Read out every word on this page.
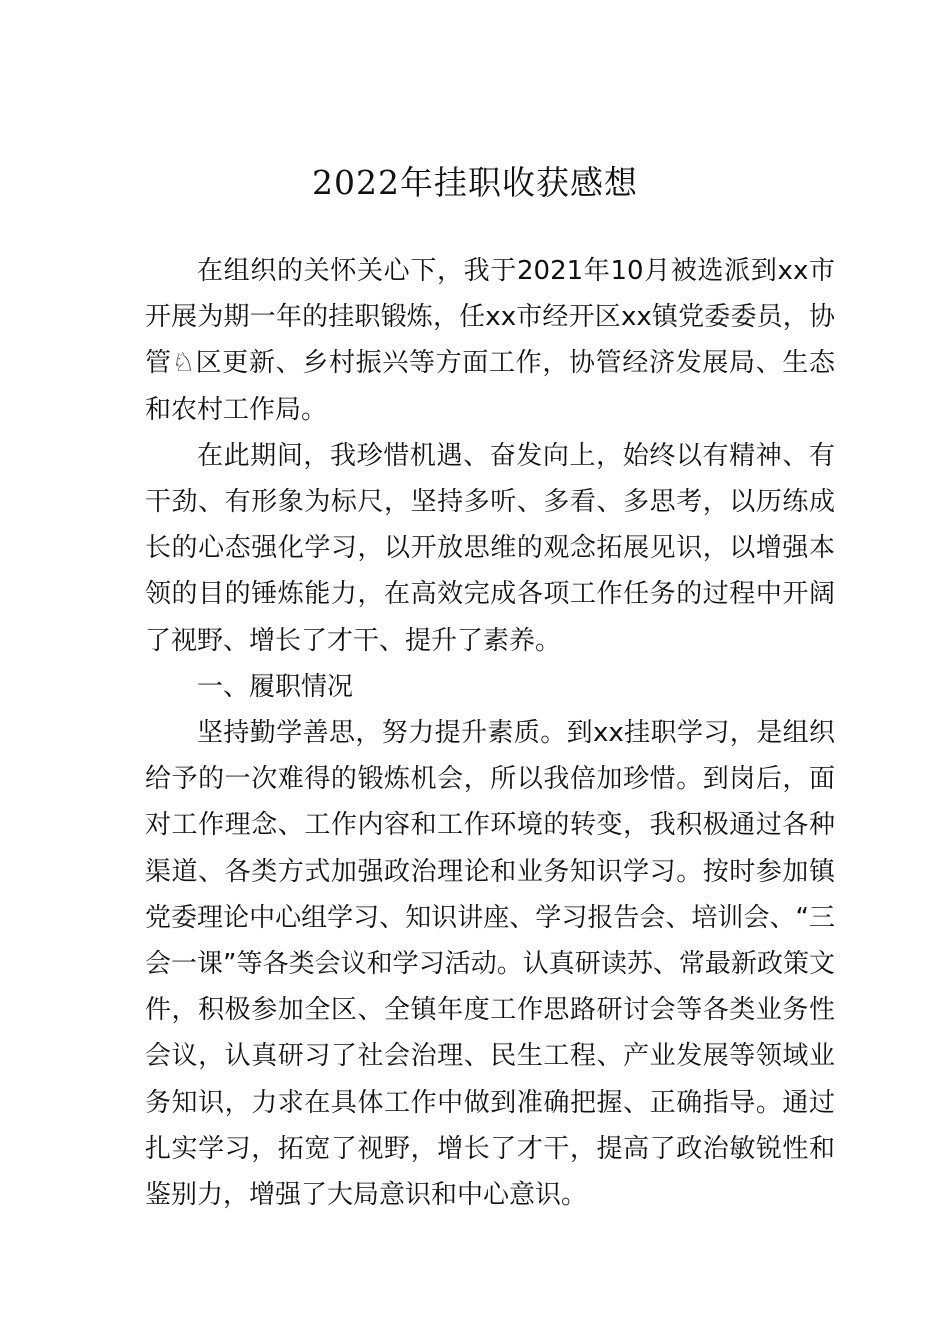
2022年挂职收获感想

在组织的关怀关心下，我于2021年10月被选派到xx市开展为期一年的挂职锻炼，任xx市经开区xx镇党委委员，协管♘区更新、乡村振兴等方面工作，协管经济发展局、生态和农村工作局。

在此期间，我珍惜机遇、奋发向上，始终以有精神、有干劲、有形象为标尺，坚持多听、多看、多思考，以历练成长的心态强化学习，以开放思维的观念拓展见识，以增强本领的目的锤炼能力，在高效完成各项工作任务的过程中开阔了视野、增长了才干、提升了素养。

一、履职情况

坚持勤学善思，努力提升素质。到xx挂职学习，是组织给予的一次难得的锻炼机会，所以我倍加珍惜。到岗后，面对工作理念、工作内容和工作环境的转变，我积极通过各种渠道、各类方式加强政治理论和业务知识学习。按时参加镇党委理论中心组学习、知识讲座、学习报告会、培训会、“三会一课”等各类会议和学习活动。认真研读苏、常最新政策文件，积极参加全区、全镇年度工作思路研讨会等各类业务性会议，认真研习了社会治理、民生工程、产业发展等领域业务知识，力求在具体工作中做到准确把握、正确指导。通过扎实学习，拓宽了视野，增长了才干，提高了政治敏锐性和鉴别力，增强了大局意识和中心意识。
